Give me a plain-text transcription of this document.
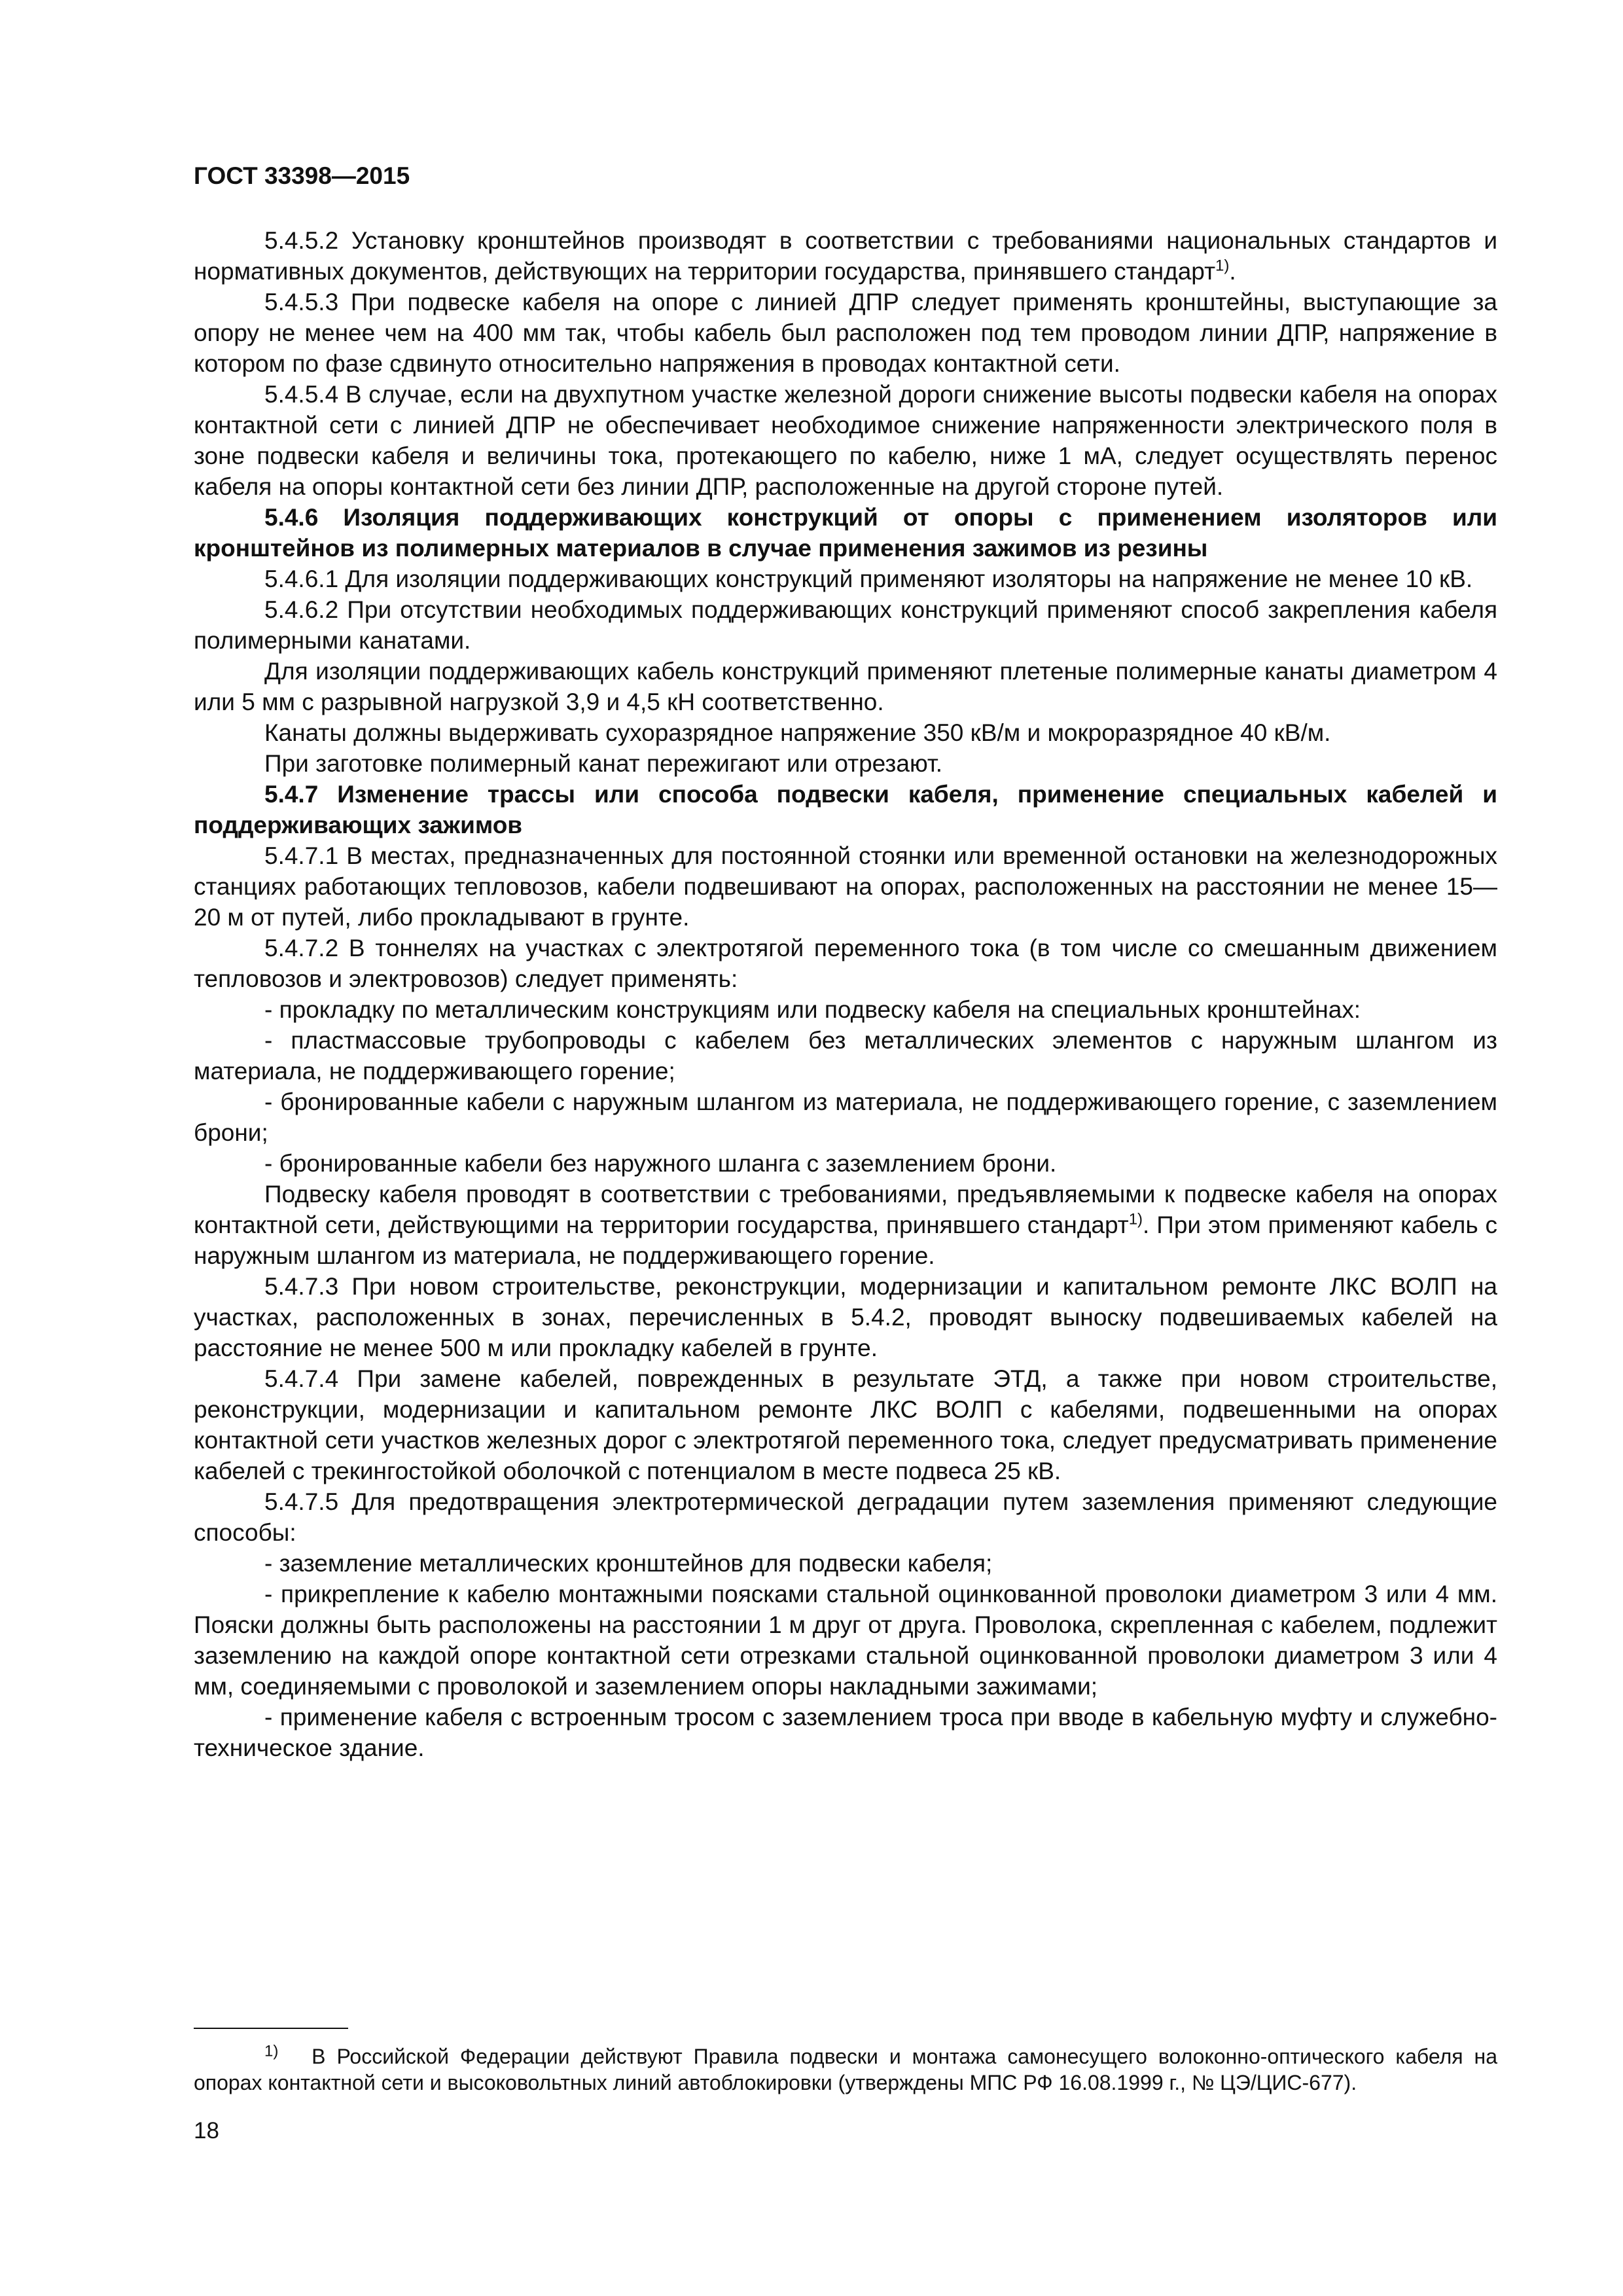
ГОСТ 33398—2015

5.4.5.2 Установку кронштейнов производят в соответствии с требованиями национальных стандартов и нормативных документов, действующих на территории государства, принявшего стандарт$^{1)}$.

5.4.5.3 При подвеске кабеля на опоре с линией ДПР следует применять кронштейны, выступающие за опору не менее чем на 400 мм так, чтобы кабель был расположен под тем проводом линии ДПР, напряжение в котором по фазе сдвинуто относительно напряжения в проводах контактной сети.

5.4.5.4 В случае, если на двухпутном участке железной дороги снижение высоты подвески кабеля на опорах контактной сети с линией ДПР не обеспечивает необходимое снижение напряженности электрического поля в зоне подвески кабеля и величины тока, протекающего по кабелю, ниже 1 мА, следует осуществлять перенос кабеля на опоры контактной сети без линии ДПР, расположенные на другой стороне путей.

5.4.6 Изоляция поддерживающих конструкций от опоры с применением изоляторов или кронштейнов из полимерных материалов в случае применения зажимов из резины

5.4.6.1 Для изоляции поддерживающих конструкций применяют изоляторы на напряжение не менее 10 кВ.

5.4.6.2 При отсутствии необходимых поддерживающих конструкций применяют способ закрепления кабеля полимерными канатами.

Для изоляции поддерживающих кабель конструкций применяют плетеные полимерные канаты диаметром 4 или 5 мм с разрывной нагрузкой 3,9 и 4,5 кН соответственно.

Канаты должны выдерживать сухоразрядное напряжение 350 кВ/м и мокроразрядное 40 кВ/м.

При заготовке полимерный канат пережигают или отрезают.

5.4.7 Изменение трассы или способа подвески кабеля, применение специальных кабелей и поддерживающих зажимов

5.4.7.1 В местах, предназначенных для постоянной стоянки или временной остановки на железнодорожных станциях работающих тепловозов, кабели подвешивают на опорах, расположенных на расстоянии не менее 15—20 м от путей, либо прокладывают в грунте.

5.4.7.2 В тоннелях на участках с электротягой переменного тока (в том числе со смешанным движением тепловозов и электровозов) следует применять:

- прокладку по металлическим конструкциям или подвеску кабеля на специальных кронштейнах:

- пластмассовые трубопроводы с кабелем без металлических элементов с наружным шлангом из материала, не поддерживающего горение;

- бронированные кабели с наружным шлангом из материала, не поддерживающего горение, с заземлением брони;

- бронированные кабели без наружного шланга с заземлением брони.

Подвеску кабеля проводят в соответствии с требованиями, предъявляемыми к подвеске кабеля на опорах контактной сети, действующими на территории государства, принявшего стандарт$^{1)}$. При этом применяют кабель с наружным шлангом из материала, не поддерживающего горение.

5.4.7.3 При новом строительстве, реконструкции, модернизации и капитальном ремонте ЛКС ВОЛП на участках, расположенных в зонах, перечисленных в 5.4.2, проводят выноску подвешиваемых кабелей на расстояние не менее 500 м или прокладку кабелей в грунте.

5.4.7.4 При замене кабелей, поврежденных в результате ЭТД, а также при новом строительстве, реконструкции, модернизации и капитальном ремонте ЛКС ВОЛП с кабелями, подвешенными на опорах контактной сети участков железных дорог с электротягой переменного тока, следует предусматривать применение кабелей с трекингостойкой оболочкой с потенциалом в месте подвеса 25 кВ.

5.4.7.5 Для предотвращения электротермической деградации путем заземления применяют следующие способы:

- заземление металлических кронштейнов для подвески кабеля;

- прикрепление к кабелю монтажными поясками стальной оцинкованной проволоки диаметром 3 или 4 мм. Пояски должны быть расположены на расстоянии 1 м друг от друга. Проволока, скрепленная с кабелем, подлежит заземлению на каждой опоре контактной сети отрезками стальной оцинкованной проволоки диаметром 3 или 4 мм, соединяемыми с проволокой и заземлением опоры накладными зажимами;

- применение кабеля с встроенным тросом с заземлением троса при вводе в кабельную муфту и служебно-техническое здание.

$^{1)}$ В Российской Федерации действуют Правила подвески и монтажа самонесущего волоконно-оптического кабеля на опорах контактной сети и высоковольтных линий автоблокировки (утверждены МПС РФ 16.08.1999 г., № ЦЭ/ЦИС-677).

18
